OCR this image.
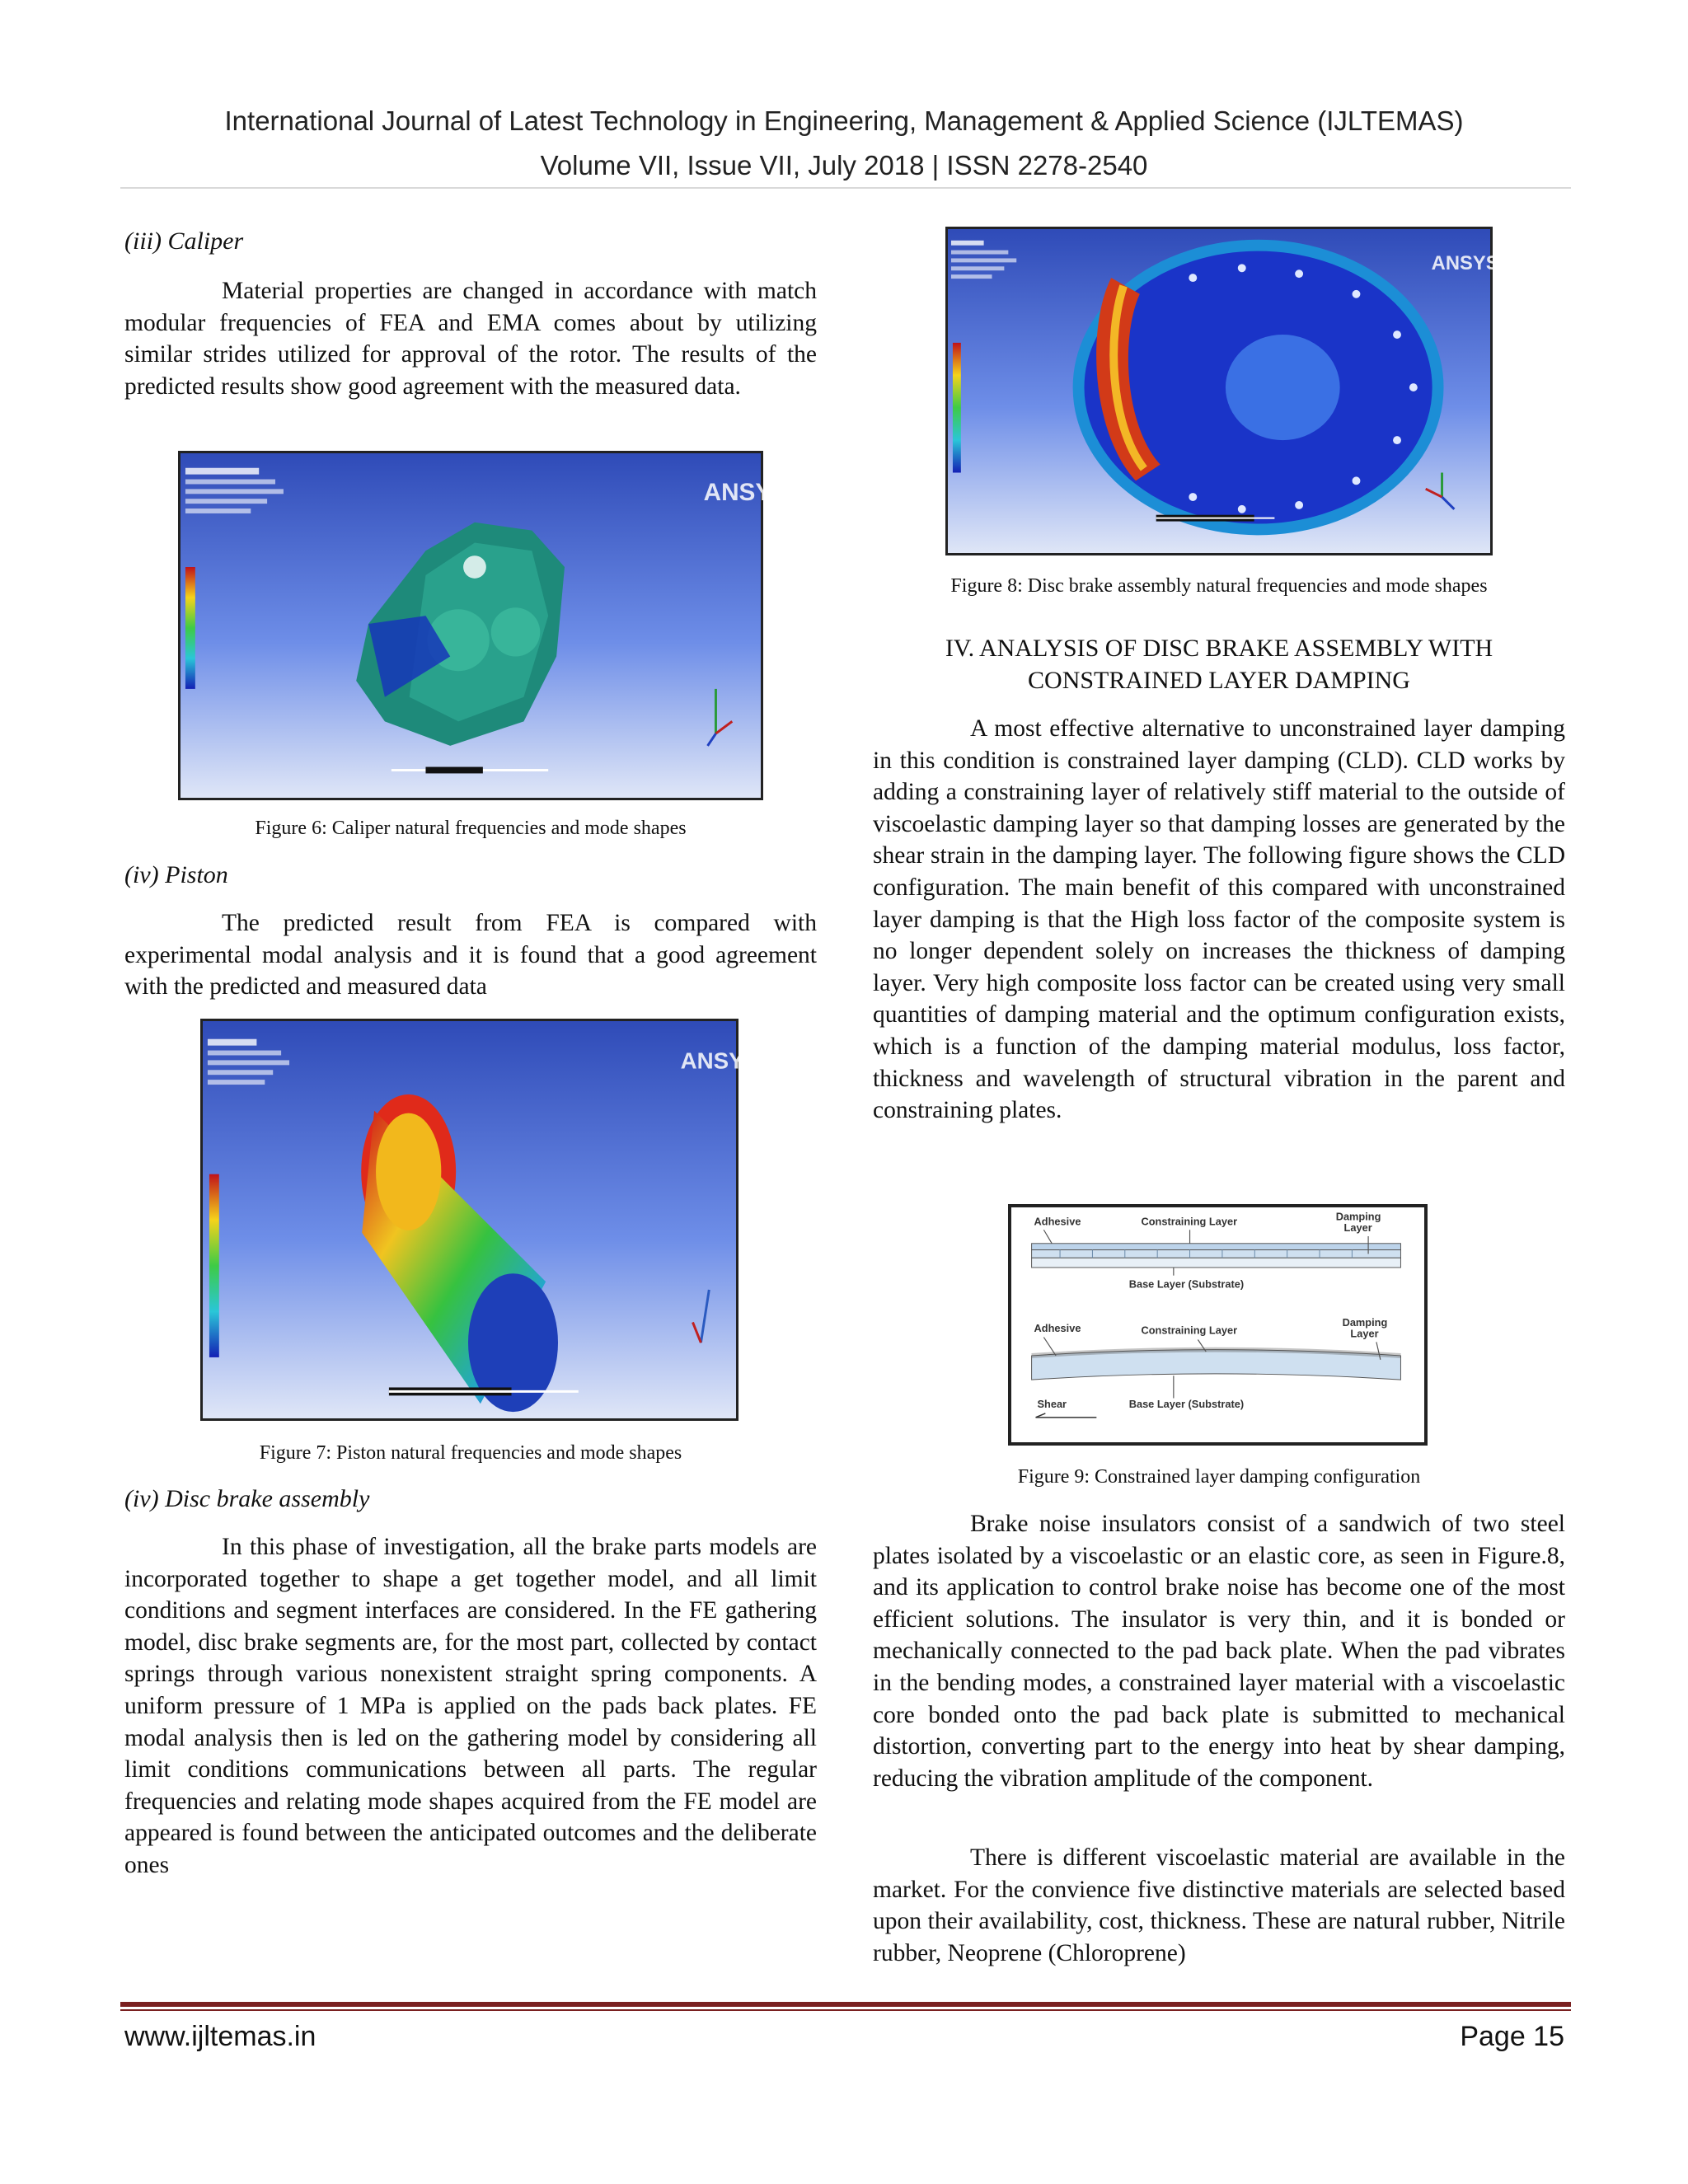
International Journal of Latest Technology in Engineering, Management & Applied Science (IJLTEMAS)
Volume VII, Issue VII, July 2018 | ISSN 2278-2540
(iii) Caliper
Material properties are changed in accordance with match modular frequencies of FEA and EMA comes about by utilizing similar strides utilized for approval of the rotor. The results of the predicted results show good agreement with the measured data.
ANSYS
Figure 6: Caliper natural frequencies and mode shapes
(iv) Piston
The predicted result from FEA is compared with experimental modal analysis and it is found that a good agreement with the predicted and measured data
ANSYS
Figure 7: Piston natural frequencies and mode shapes
(iv) Disc brake assembly
In this phase of investigation, all the brake parts models are incorporated together to shape a get together model, and all limit conditions and segment interfaces are considered. In the FE gathering model, disc brake segments are, for the most part, collected by contact springs through various nonexistent straight spring components. A uniform pressure of 1 MPa is applied on the pads back plates. FE modal analysis then is led on the gathering model by considering all limit conditions communications between all parts. The regular frequencies and relating mode shapes acquired from the FE model are appeared is found between the anticipated outcomes and the deliberate ones
ANSYS
Figure 8: Disc brake assembly natural frequencies and mode shapes
IV. ANALYSIS OF DISC BRAKE ASSEMBLY WITH
CONSTRAINED LAYER DAMPING
A most effective alternative to unconstrained layer damping in this condition is constrained layer damping (CLD). CLD works by adding a constraining layer of relatively stiff material to the outside of viscoelastic damping layer so that damping losses are generated by the shear strain in the damping layer. The following figure shows the CLD configuration. The main benefit of this compared with unconstrained layer damping is that the High loss factor of the composite system is no longer dependent solely on increases the thickness of damping layer. Very high composite loss factor can be created using very small quantities of damping material and the optimum configuration exists, which is a function of the damping material modulus, loss factor, thickness and wavelength of structural vibration in the parent and constraining plates.
Adhesive	Constraining Layer	Damping
Layer
Base Layer (Substrate)
Adhesive	Constraining Layer
Damping
Layer
Shear	Base Layer (Substrate)
Figure 9: Constrained layer damping configuration
Brake noise insulators consist of a sandwich of two steel plates isolated by a viscoelastic or an elastic core, as seen in Figure.8, and its application to control brake noise has become one of the most efficient solutions. The insulator is very thin, and it is bonded or mechanically connected to the pad back plate. When the pad vibrates in the bending modes, a constrained layer material with a viscoelastic core bonded onto the pad back plate is submitted to mechanical distortion, converting part to the energy into heat by shear damping, reducing the vibration amplitude of the component.
There is different viscoelastic material are available in the market. For the convience five distinctive materials are selected based upon their availability, cost, thickness. These are natural rubber, Nitrile rubber, Neoprene (Chloroprene)
www.ijltemas.in	Page 15
